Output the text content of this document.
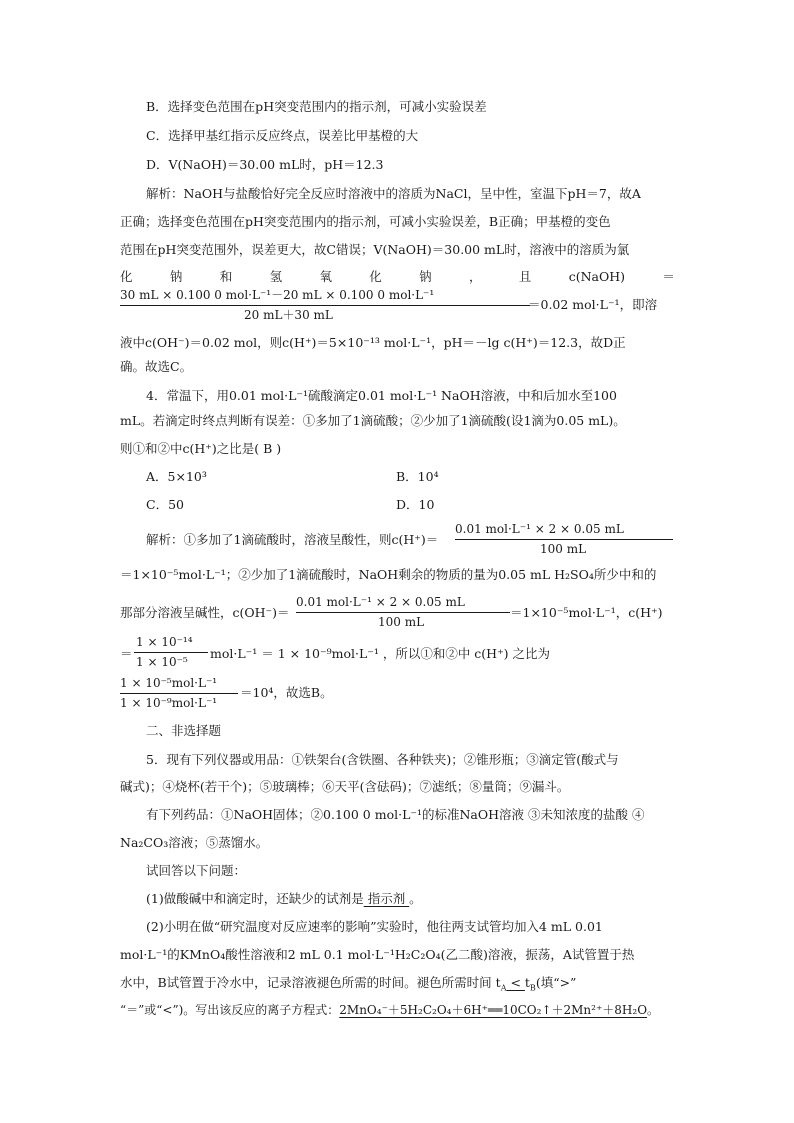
B．选择变色范围在pH突变范围内的指示剂，可减小实验误差
C．选择甲基红指示反应终点，误差比甲基橙的大
D．V(NaOH)＝30.00 mL时，pH＝12.3
解析：NaOH与盐酸恰好完全反应时溶液中的溶质为NaCl，呈中性，室温下pH＝7，故A
正确；选择变色范围在pH突变范围内的指示剂，可减小实验误差，B正确；甲基橙的变色
范围在pH突变范围外，误差更大，故C错误；V(NaOH)＝30.00 mL时，溶液中的溶质为氯
化	钠	和	氢	氧	化	钠	，	且	c(NaOH)	＝
30 mL × 0.100 0 mol·L⁻¹－20 mL × 0.100 0 mol·L⁻¹
20 mL＋30 mL
＝0.02 mol·L⁻¹，即溶
液中c(OH⁻)＝0.02 mol，则c(H⁺)＝5×10⁻¹³ mol·L⁻¹，pH＝－lg c(H⁺)＝12.3，故D正
确。故选C。
4．常温下，用0.01 mol·L⁻¹硫酸滴定0.01 mol·L⁻¹ NaOH溶液，中和后加水至100
mL。若滴定时终点判断有误差：①多加了1滴硫酸；②少加了1滴硫酸(设1滴为0.05 mL)。
则①和②中c(H⁺)之比是( B )
A．5×10³	B．10⁴
C．50	D．10
解析：①多加了1滴硫酸时，溶液呈酸性，则c(H⁺)＝
0.01 mol·L⁻¹ × 2 × 0.05 mL
100 mL
＝1×10⁻⁵mol·L⁻¹；②少加了1滴硫酸时，NaOH剩余的物质的量为0.05 mL H₂SO₄所少中和的
那部分溶液呈碱性，c(OH⁻)＝
0.01 mol·L⁻¹ × 2 × 0.05 mL
100 mL
＝1×10⁻⁵mol·L⁻¹，c(H⁺)
＝
1 × 10⁻¹⁴
1 × 10⁻⁵
mol·L⁻¹ ＝ 1 × 10⁻⁹mol·L⁻¹ ，所以①和②中 c(H⁺) 之比为
1 × 10⁻⁵mol·L⁻¹
1 × 10⁻⁹mol·L⁻¹
＝10⁴，故选B。
二、非选择题
5．现有下列仪器或用品：①铁架台(含铁圈、各种铁夹)；②锥形瓶；③滴定管(酸式与
碱式)；④烧杯(若干个)；⑤玻璃棒；⑥天平(含砝码)；⑦滤纸；⑧量筒；⑨漏斗。
有下列药品：①NaOH固体；②0.100 0 mol·L⁻¹的标准NaOH溶液 ③未知浓度的盐酸 ④
Na₂CO₃溶液；⑤蒸馏水。
试回答以下问题：
(1)做酸碱中和滴定时，还缺少的试剂是 指示剂 。
(2)小明在做“研究温度对反应速率的影响”实验时，他往两支试管均加入4 mL 0.01
mol·L⁻¹的KMnO₄酸性溶液和2 mL 0.1 mol·L⁻¹H₂C₂O₄(乙二酸)溶液，振荡，A试管置于热
水中，B试管置于冷水中，记录溶液褪色所需的时间。褪色所需时间 $t_A < t_B$(填“>”
“＝”或“<”)。写出该反应的离子方程式：2MnO₄⁻＋5H₂C₂O₄＋6H⁺══10CO₂↑＋2Mn²⁺＋8H₂O。
